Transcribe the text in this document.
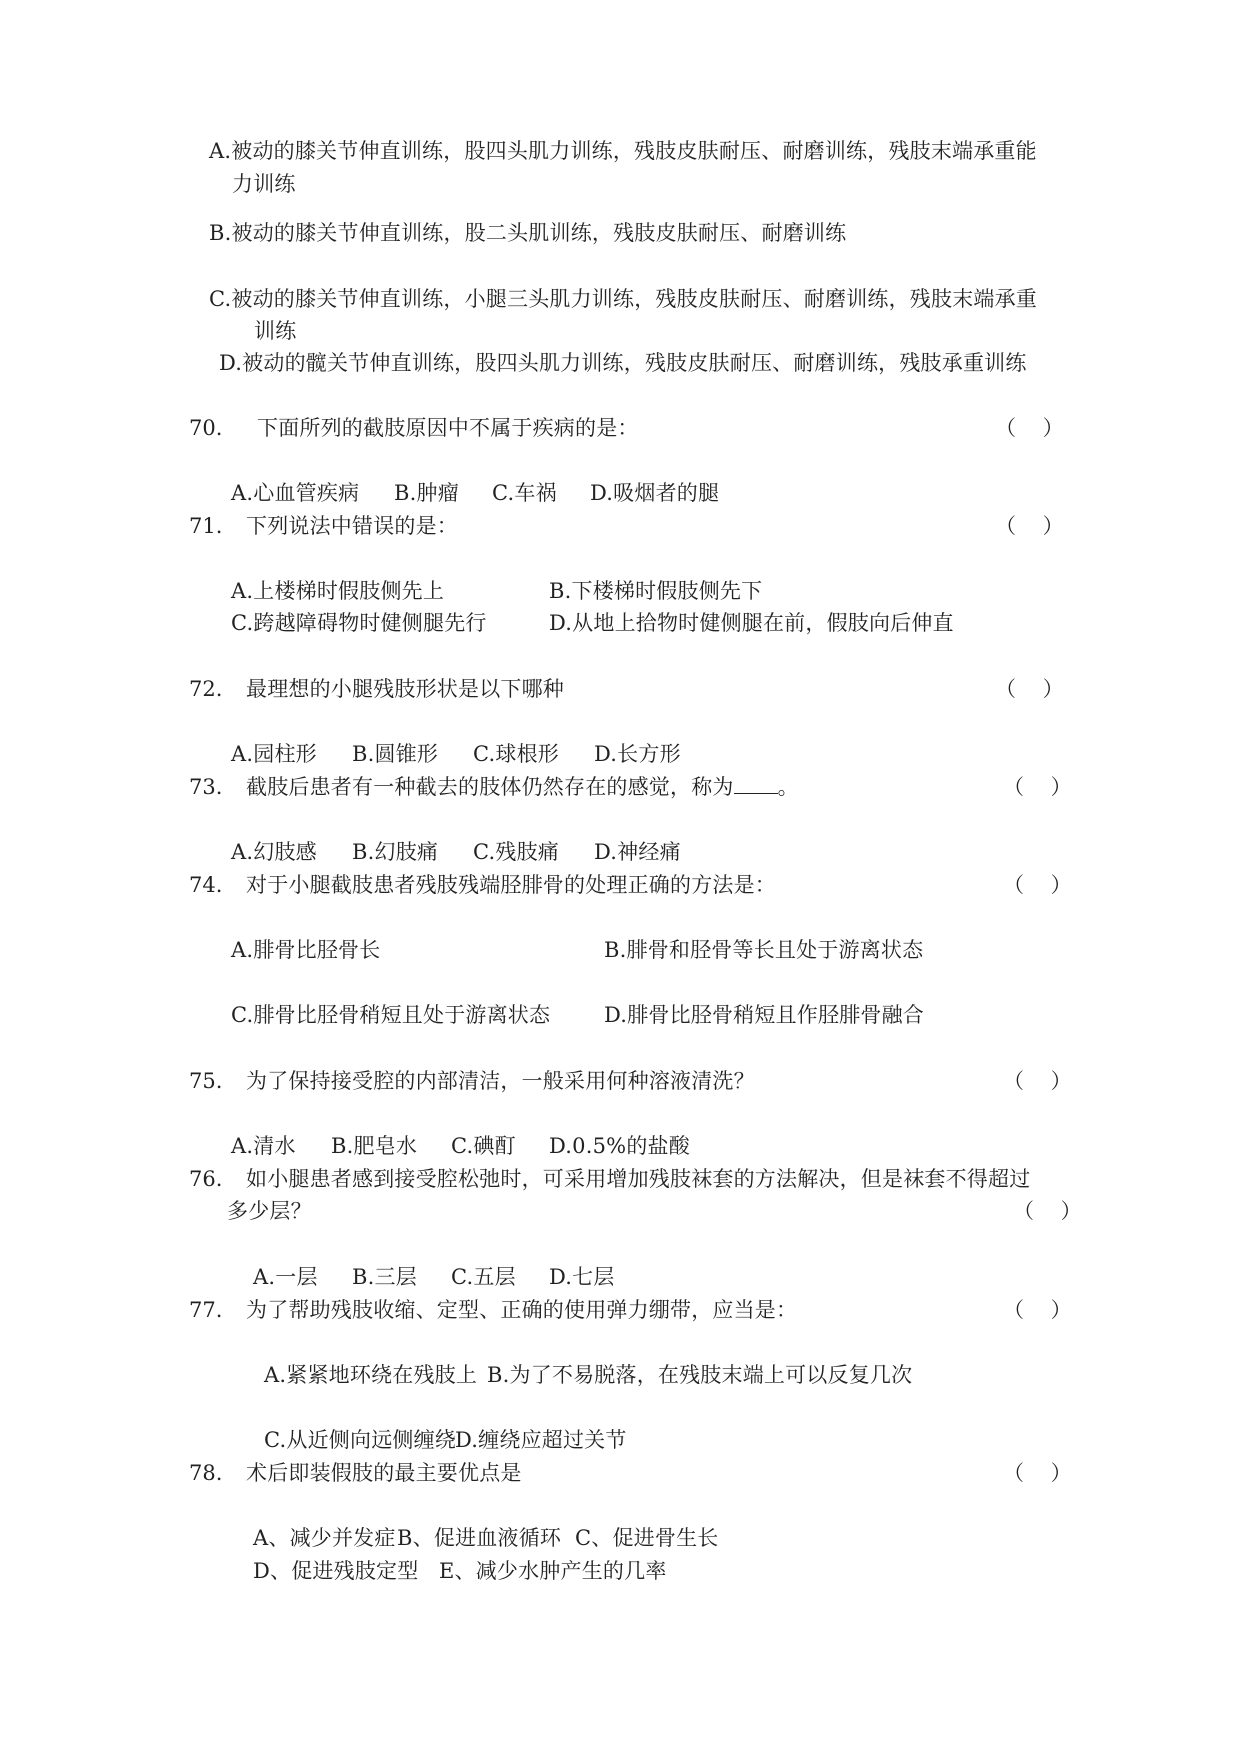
A.被动的膝关节伸直训练，股四头肌力训练，残肢皮肤耐压、耐磨训练，残肢末端承重能
力训练
B.被动的膝关节伸直训练，股二头肌训练，残肢皮肤耐压、耐磨训练
C.被动的膝关节伸直训练，小腿三头肌力训练，残肢皮肤耐压、耐磨训练，残肢末端承重
训练
D.被动的髋关节伸直训练，股四头肌力训练，残肢皮肤耐压、耐磨训练，残肢承重训练
70. 下面所列的截肢原因中不属于疾病的是：	（ ）
A.心血管疾病 B.肿瘤 C.车祸 D.吸烟者的腿
71. 下列说法中错误的是：	（ ）
A.上楼梯时假肢侧先上	B.下楼梯时假肢侧先下
C.跨越障碍物时健侧腿先行	D.从地上拾物时健侧腿在前，假肢向后伸直
72. 最理想的小腿残肢形状是以下哪种	（ ）
A.园柱形 B.圆锥形 C.球根形 D.长方形
73. 截肢后患者有一种截去的肢体仍然存在的感觉，称为 。	（ ）
A.幻肢感 B.幻肢痛 C.残肢痛 D.神经痛
74. 对于小腿截肢患者残肢残端胫腓骨的处理正确的方法是：	（ ）
A.腓骨比胫骨长	B.腓骨和胫骨等长且处于游离状态
C.腓骨比胫骨稍短且处于游离状态	D.腓骨比胫骨稍短且作胫腓骨融合
75. 为了保持接受腔的内部清洁，一般采用何种溶液清洗？	（ ）
A.清水 B.肥皂水 C.碘酊 D.0.5%的盐酸
76. 如小腿患者感到接受腔松弛时，可采用增加残肢袜套的方法解决，但是袜套不得超过
多少层？	（ ）
A.一层 B.三层 C.五层 D.七层
77. 为了帮助残肢收缩、定型、正确的使用弹力绷带，应当是：	（ ）
A.紧紧地环绕在残肢上 B.为了不易脱落，在残肢末端上可以反复几次
C.从近侧向远侧缠绕 D.缠绕应超过关节
78. 术后即装假肢的最主要优点是	（ ）
A、减少并发症 B、促进血液循环 C、促进骨生长
D、促进残肢定型 E、减少水肿产生的几率
